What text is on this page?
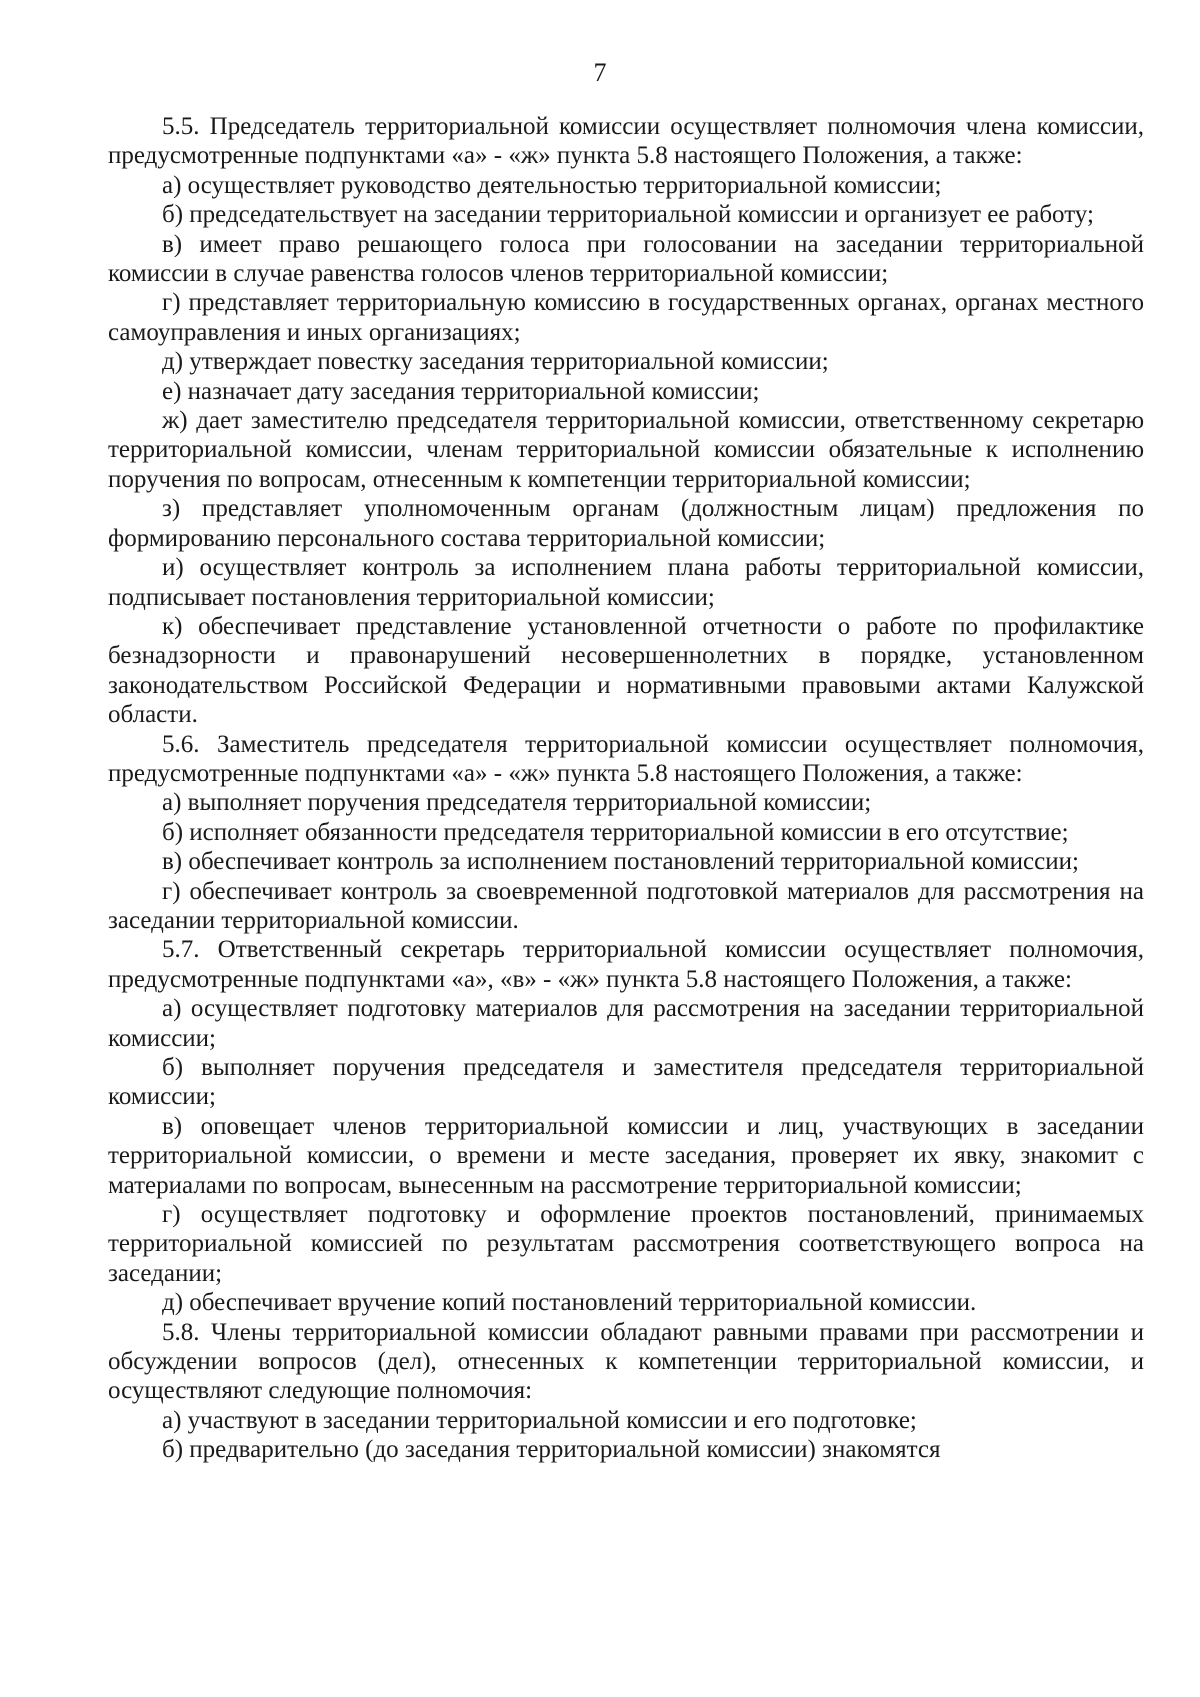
7

5.5. Председатель территориальной комиссии осуществляет полномочия члена комиссии, предусмотренные подпунктами «а» - «ж» пункта 5.8 настоящего Положения, а также:

а) осуществляет руководство деятельностью территориальной комиссии;

б) председательствует на заседании территориальной комиссии и организует ее работу;

в) имеет право решающего голоса при голосовании на заседании территориальной комиссии в случае равенства голосов членов территориальной комиссии;

г) представляет территориальную комиссию в государственных органах, органах местного самоуправления и иных организациях;

д) утверждает повестку заседания территориальной комиссии;

е) назначает дату заседания территориальной комиссии;

ж) дает заместителю председателя территориальной комиссии, ответственному секретарю территориальной комиссии, членам территориальной комиссии обязательные к исполнению поручения по вопросам, отнесенным к компетенции территориальной комиссии;

з) представляет уполномоченным органам (должностным лицам) предложения по формированию персонального состава территориальной комиссии;

и) осуществляет контроль за исполнением плана работы территориальной комиссии, подписывает постановления территориальной комиссии;

к) обеспечивает представление установленной отчетности о работе по профилактике безнадзорности и правонарушений несовершеннолетних в порядке, установленном законодательством Российской Федерации и нормативными правовыми актами Калужской области.

5.6. Заместитель председателя территориальной комиссии осуществляет полномочия, предусмотренные подпунктами «а» - «ж» пункта 5.8 настоящего Положения, а также:

а) выполняет поручения председателя территориальной комиссии;

б) исполняет обязанности председателя территориальной комиссии в его отсутствие;

в) обеспечивает контроль за исполнением постановлений территориальной комиссии;

г) обеспечивает контроль за своевременной подготовкой материалов для рассмотрения на заседании территориальной комиссии.

5.7. Ответственный секретарь территориальной комиссии осуществляет полномочия, предусмотренные подпунктами «а», «в» - «ж» пункта 5.8 настоящего Положения, а также:

а) осуществляет подготовку материалов для рассмотрения на заседании территориальной комиссии;

б) выполняет поручения председателя и заместителя председателя территориальной комиссии;

в) оповещает членов территориальной комиссии и лиц, участвующих в заседании территориальной комиссии, о времени и месте заседания, проверяет их явку, знакомит с материалами по вопросам, вынесенным на рассмотрение территориальной комиссии;

г) осуществляет подготовку и оформление проектов постановлений, принимаемых территориальной комиссией по результатам рассмотрения соответствующего вопроса на заседании;

д) обеспечивает вручение копий постановлений территориальной комиссии.

5.8. Члены территориальной комиссии обладают равными правами при рассмотрении и обсуждении вопросов (дел), отнесенных к компетенции территориальной комиссии, и осуществляют следующие полномочия:

а) участвуют в заседании территориальной комиссии и его подготовке;

б) предварительно (до заседания территориальной комиссии) знакомятся
